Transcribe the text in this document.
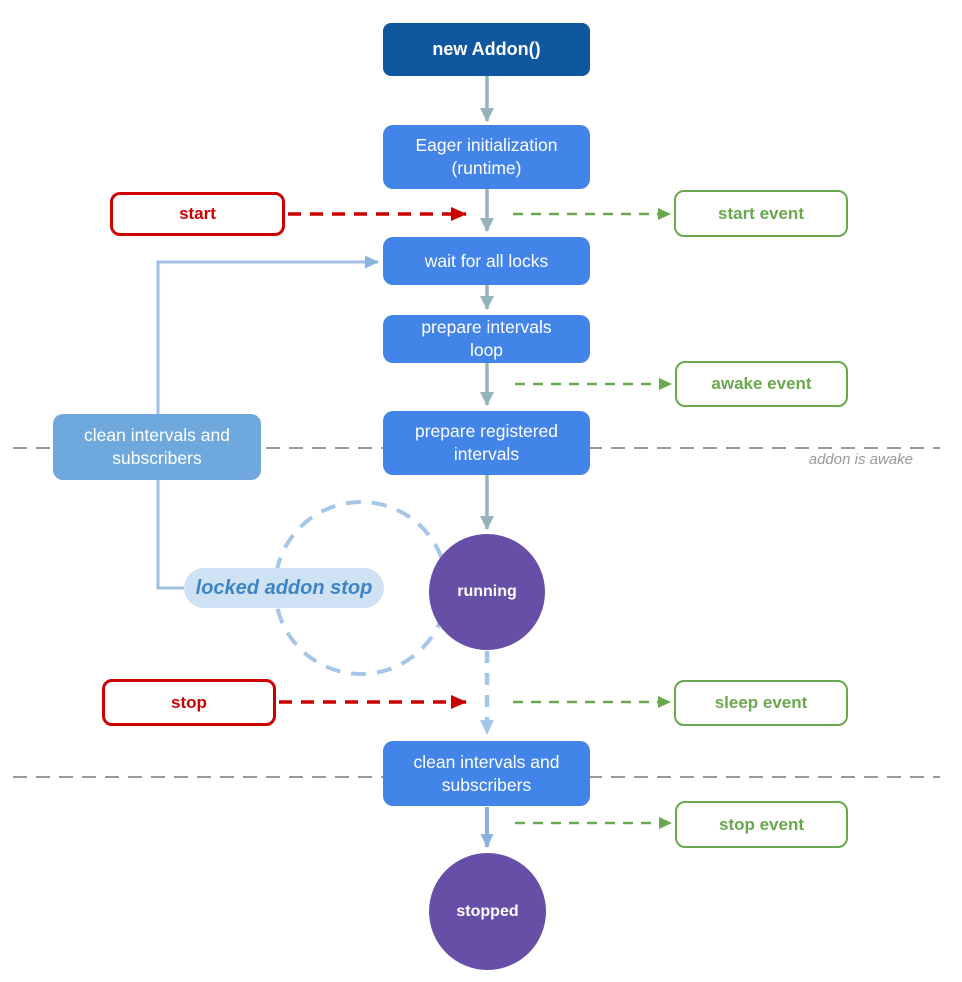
new Addon()
Eager initialization (runtime)
wait for all locks
prepare intervals loop
prepare registered intervals
clean intervals and subscribers
start
clean intervals and subscribers
locked addon stop
stop
start event
awake event
sleep event
stop event
running
stopped
addon is awake
